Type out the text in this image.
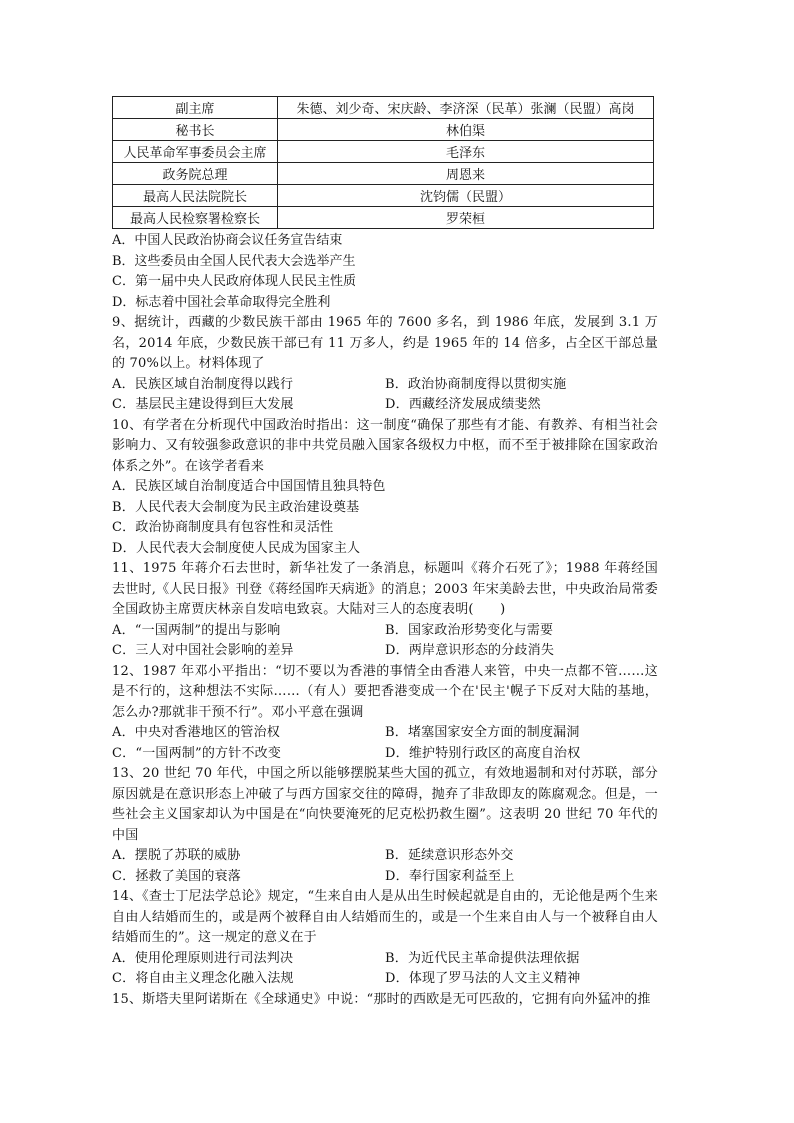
副主席	朱德、刘少奇、宋庆龄、李济深（民革）张澜（民盟）高岗
秘书长	林伯渠
人民革命军事委员会主席	毛泽东
政务院总理	周恩来
最高人民法院院长	沈钧儒（民盟）
最高人民检察署检察长	罗荣桓
A．中国人民政治协商会议任务宣告结束
B．这些委员由全国人民代表大会选举产生
C．第一届中央人民政府体现人民民主性质
D．标志着中国社会革命取得完全胜利
9、据统计，西藏的少数民族干部由 1965 年的 7600 多名，到 1986 年底，发展到 3.1 万名，2014 年底，少数民族干部已有 11 万多人，约是 1965 年的 14 倍多，占全区干部总量的 70%以上。材料体现了
A．民族区域自治制度得以践行	B．政治协商制度得以贯彻实施
C．基层民主建设得到巨大发展	D．西藏经济发展成绩斐然
10、有学者在分析现代中国政治时指出：这一制度“确保了那些有才能、有教养、有相当社会影响力、又有较强参政意识的非中共党员融入国家各级权力中枢，而不至于被排除在国家政治体系之外”。在该学者看来
A．民族区域自治制度适合中国国情且独具特色
B．人民代表大会制度为民主政治建设奠基
C．政治协商制度具有包容性和灵活性
D．人民代表大会制度使人民成为国家主人
11、1975 年蒋介石去世时，新华社发了一条消息，标题叫《蒋介石死了》；1988 年蒋经国去世时,《人民日报》刊登《蒋经国昨天病逝》的消息；2003 年宋美龄去世，中央政治局常委全国政协主席贾庆林亲自发唁电致哀。大陆对三人的态度表明(　　)
A．“一国两制”的提出与影响	B．国家政治形势变化与需要
C．三人对中国社会影响的差异	D．两岸意识形态的分歧消失
12、1987 年邓小平指出：“切不要以为香港的事情全由香港人来管，中央一点都不管……这是不行的，这种想法不实际……（有人）要把香港变成一个在'民主'幌子下反对大陆的基地，怎么办?那就非干预不行”。邓小平意在强调
A．中央对香港地区的管治权	B．堵塞国家安全方面的制度漏洞
C．“一国两制”的方针不改变	D．维护特别行政区的高度自治权
13、20 世纪 70 年代，中国之所以能够摆脱某些大国的孤立，有效地遏制和对付苏联，部分原因就是在意识形态上冲破了与西方国家交往的障碍，抛弃了非敌即友的陈腐观念。但是，一些社会主义国家却认为中国是在“向快要淹死的尼克松扔救生圈”。这表明 20 世纪 70 年代的中国
A．摆脱了苏联的威胁	B．延续意识形态外交
C．拯救了美国的衰落	D．奉行国家利益至上
14、《查士丁尼法学总论》规定，“生来自由人是从出生时候起就是自由的，无论他是两个生来自由人结婚而生的，或是两个被释自由人结婚而生的，或是一个生来自由人与一个被释自由人结婚而生的”。这一规定的意义在于
A．使用伦理原则进行司法判决	B．为近代民主革命提供法理依据
C．将自由主义理念化融入法规	D．体现了罗马法的人文主义精神
15、斯塔夫里阿诺斯在《全球通史》中说：“那时的西欧是无可匹敌的，它拥有向外猛冲的推
